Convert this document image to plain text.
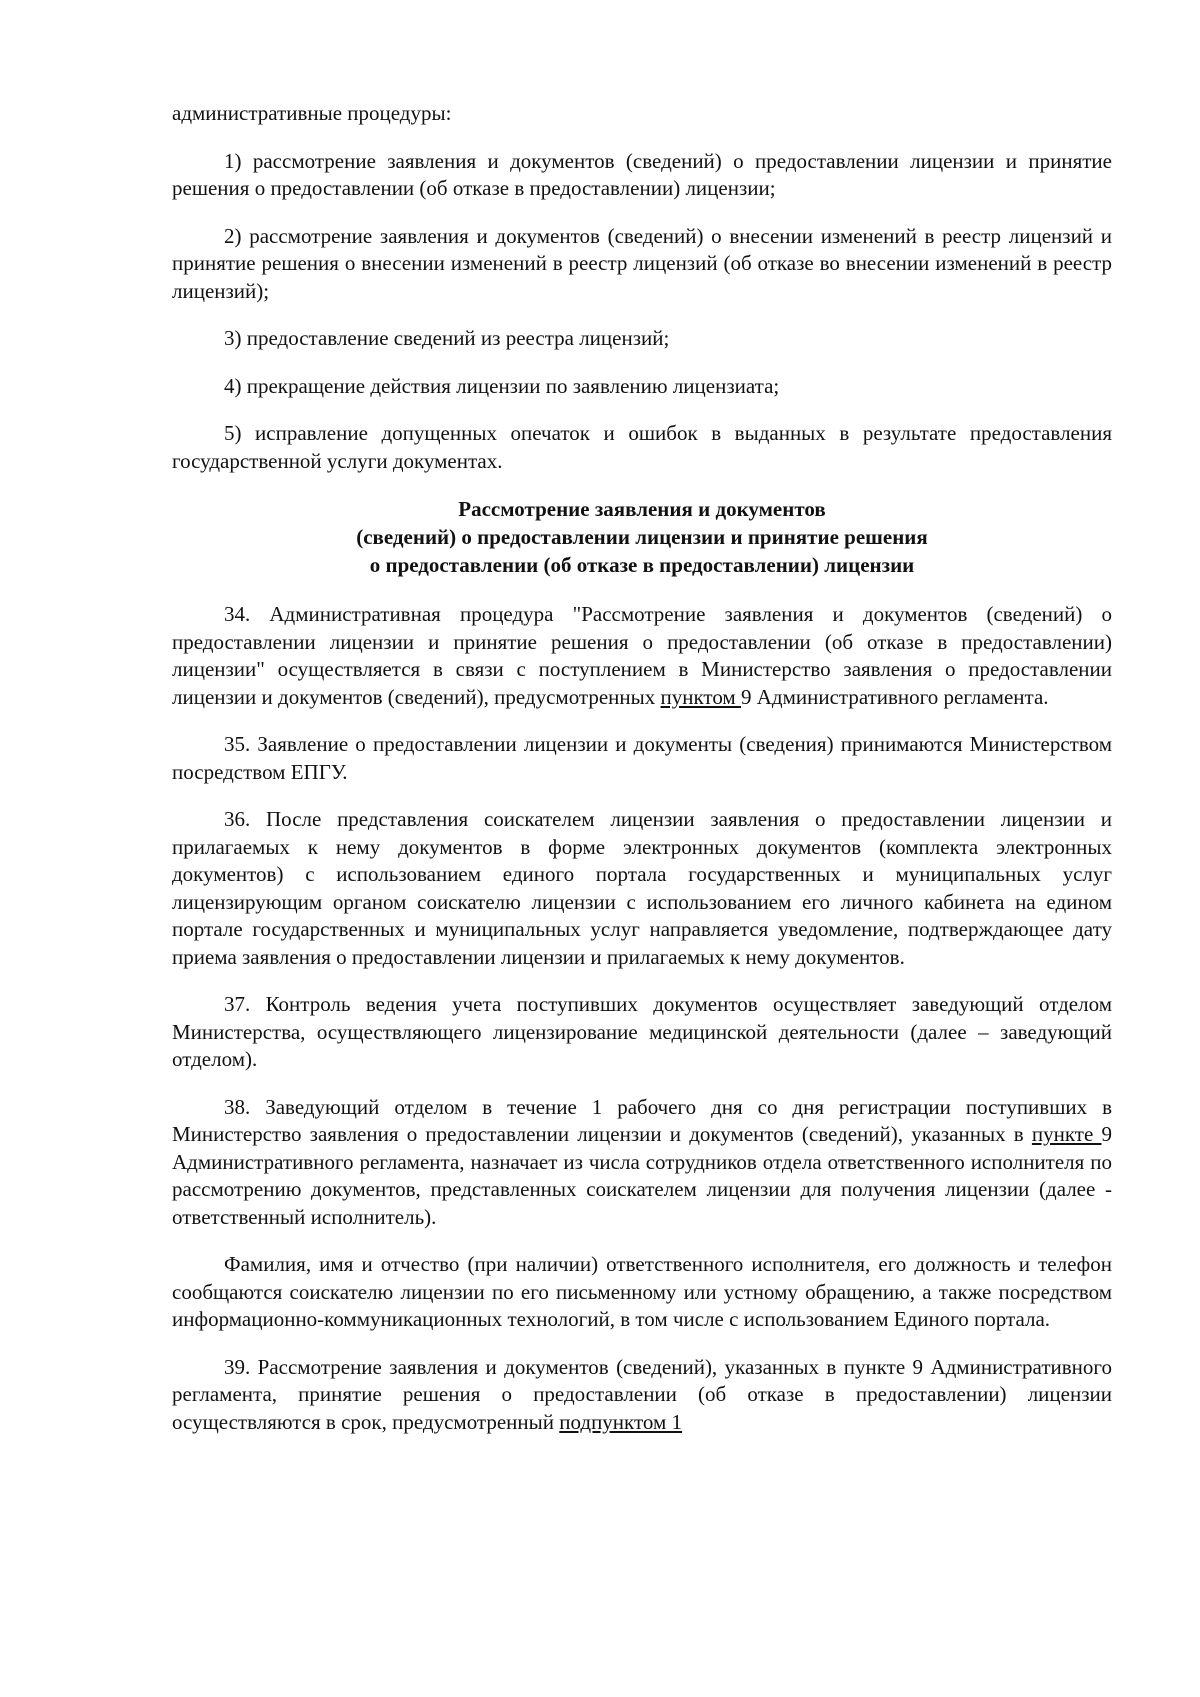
административные процедуры:

1) рассмотрение заявления и документов (сведений) о предоставлении лицензии и принятие решения о предоставлении (об отказе в предоставлении) лицензии;

2) рассмотрение заявления и документов (сведений) о внесении изменений в реестр лицензий и принятие решения о внесении изменений в реестр лицензий (об отказе во внесении изменений в реестр лицензий);

3) предоставление сведений из реестра лицензий;

4) прекращение действия лицензии по заявлению лицензиата;

5) исправление допущенных опечаток и ошибок в выданных в результате предоставления государственной услуги документах.

Рассмотрение заявления и документов
(сведений) о предоставлении лицензии и принятие решения
о предоставлении (об отказе в предоставлении) лицензии

34. Административная процедура "Рассмотрение заявления и документов (сведений) о предоставлении лицензии и принятие решения о предоставлении (об отказе в предоставлении) лицензии" осуществляется в связи с поступлением в Министерство заявления о предоставлении лицензии и документов (сведений), предусмотренных пунктом 9 Административного регламента.

35. Заявление о предоставлении лицензии и документы (сведения) принимаются Министерством посредством ЕПГУ.

36. После представления соискателем лицензии заявления о предоставлении лицензии и прилагаемых к нему документов в форме электронных документов (комплекта электронных документов) с использованием единого портала государственных и муниципальных услуг лицензирующим органом соискателю лицензии с использованием его личного кабинета на едином портале государственных и муниципальных услуг направляется уведомление, подтверждающее дату приема заявления о предоставлении лицензии и прилагаемых к нему документов.

37. Контроль ведения учета поступивших документов осуществляет заведующий отделом Министерства, осуществляющего лицензирование медицинской деятельности (далее – заведующий отделом).

38. Заведующий отделом в течение 1 рабочего дня со дня регистрации поступивших в Министерство заявления о предоставлении лицензии и документов (сведений), указанных в пункте 9 Административного регламента, назначает из числа сотрудников отдела ответственного исполнителя по рассмотрению документов, представленных соискателем лицензии для получения лицензии (далее - ответственный исполнитель).

Фамилия, имя и отчество (при наличии) ответственного исполнителя, его должность и телефон сообщаются соискателю лицензии по его письменному или устному обращению, а также посредством информационно-коммуникационных технологий, в том числе с использованием Единого портала.

39. Рассмотрение заявления и документов (сведений), указанных в пункте 9 Административного регламента, принятие решения о предоставлении (об отказе в предоставлении) лицензии осуществляются в срок, предусмотренный подпунктом 1
